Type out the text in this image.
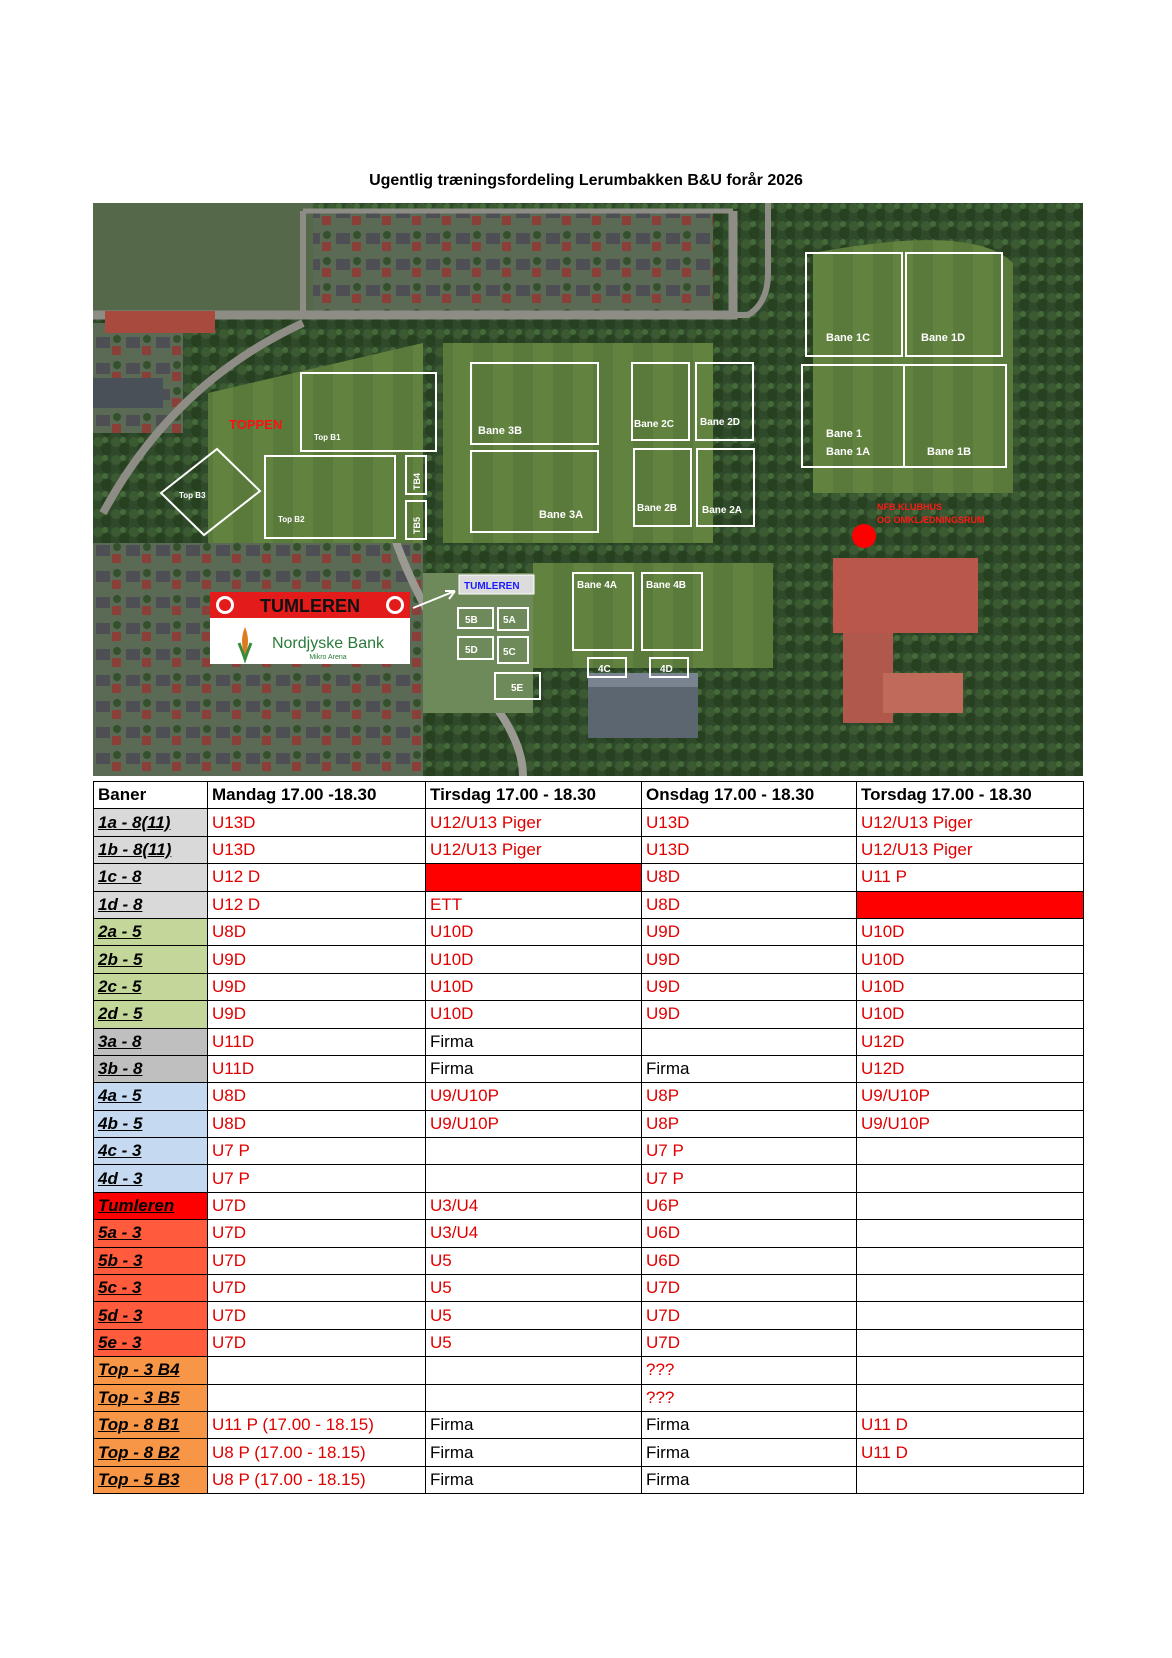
Ugentlig træningsfordeling Lerumbakken B&U forår 2026
Bane 1C	Bane 1D
Bane 1
Bane 1A	Bane 1B
Bane 3B
Bane 3A
Bane 2C	Bane 2D
Bane 2B Bane 2A
Bane 4A	Bane 4B
4C	4D
Top B1
Top B2
Top B3
TB4
TB5
5A
5B
5C
5D
5E
TOPPEN
TUMLEREN
NFB KLUBHUS
OG OMKLÆDNINGSRUM
TUMLEREN
Nordjyske Bank
Mikro Arena
Baner	Mandag 17.00 -18.30	Tirsdag 17.00 - 18.30	Onsdag 17.00 - 18.30	Torsdag 17.00 - 18.30
1a - 8(11)	U13D	U12/U13 Piger	U13D	U12/U13 Piger
1b - 8(11)	U13D	U12/U13 Piger	U13D	U12/U13 Piger
1c - 8	U12 D		U8D	U11 P
1d - 8	U12 D	ETT	U8D	
2a - 5	U8D	U10D	U9D	U10D
2b - 5	U9D	U10D	U9D	U10D
2c - 5	U9D	U10D	U9D	U10D
2d - 5	U9D	U10D	U9D	U10D
3a - 8	U11D	Firma		U12D
3b - 8	U11D	Firma	Firma	U12D
4a - 5	U8D	U9/U10P	U8P	U9/U10P
4b - 5	U8D	U9/U10P	U8P	U9/U10P
4c - 3	U7 P		U7 P	
4d - 3	U7 P		U7 P	
Tumleren	U7D	U3/U4	U6P	
5a - 3	U7D	U3/U4	U6D	
5b - 3	U7D	U5	U6D	
5c - 3	U7D	U5	U7D	
5d - 3	U7D	U5	U7D	
5e - 3	U7D	U5	U7D	
Top - 3 B4			???	
Top - 3 B5			???	
Top - 8 B1	U11 P (17.00 - 18.15)	Firma	Firma	U11 D
Top - 8 B2	U8 P (17.00 - 18.15)	Firma	Firma	U11 D
Top - 5 B3	U8 P (17.00 - 18.15)	Firma	Firma	
